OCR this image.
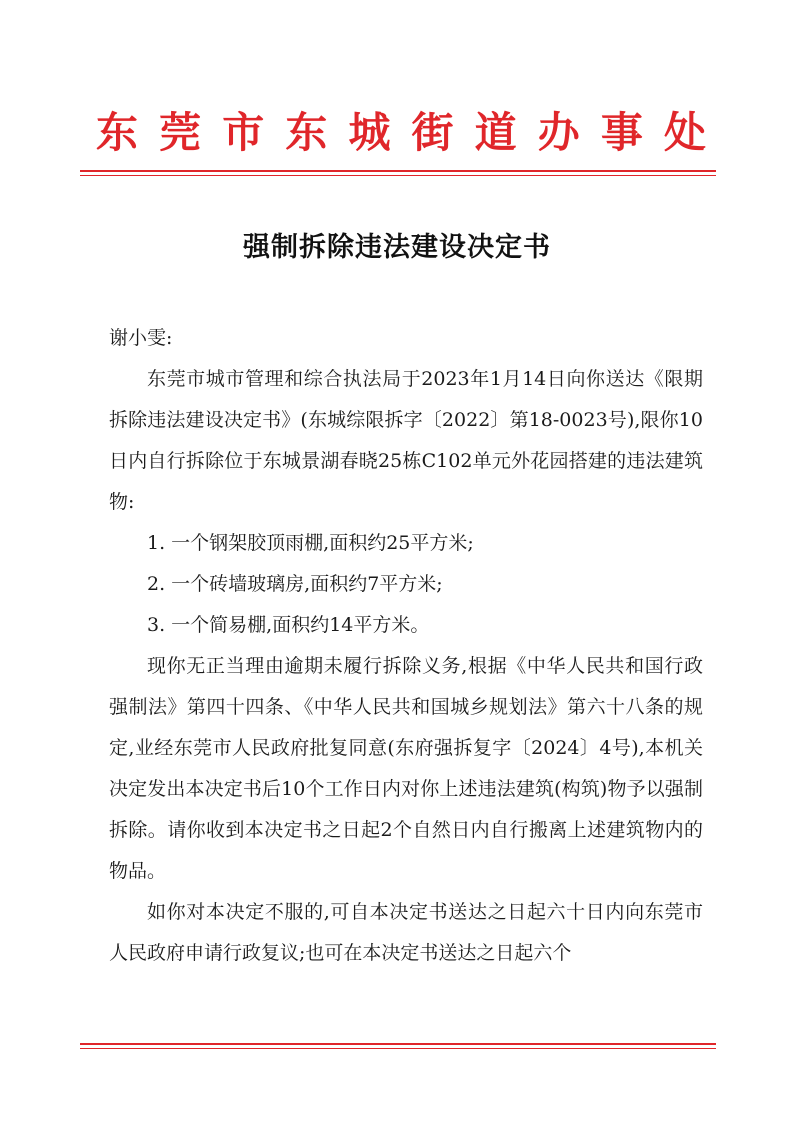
东 莞 市 东 城 街 道 办 事 处
强制拆除违法建设决定书

谢小雯:

东莞市城市管理和综合执法局于2023年1月14日向你送达《限期拆除违法建设决定书》(东城综限拆字〔2022〕第18-0023号),限你10日内自行拆除位于东城景湖春晓25栋C102单元外花园搭建的违法建筑物:

1. 一个钢架胶顶雨棚,面积约25平方米;

2. 一个砖墙玻璃房,面积约7平方米;

3. 一个简易棚,面积约14平方米。

现你无正当理由逾期未履行拆除义务,根据《中华人民共和国行政强制法》第四十四条、《中华人民共和国城乡规划法》第六十八条的规定,业经东莞市人民政府批复同意(东府强拆复字〔2024〕4号),本机关决定发出本决定书后10个工作日内对你上述违法建筑(构筑)物予以强制拆除。请你收到本决定书之日起2个自然日内自行搬离上述建筑物内的物品。

如你对本决定不服的,可自本决定书送达之日起六十日内向东莞市人民政府申请行政复议;也可在本决定书送达之日起六个
